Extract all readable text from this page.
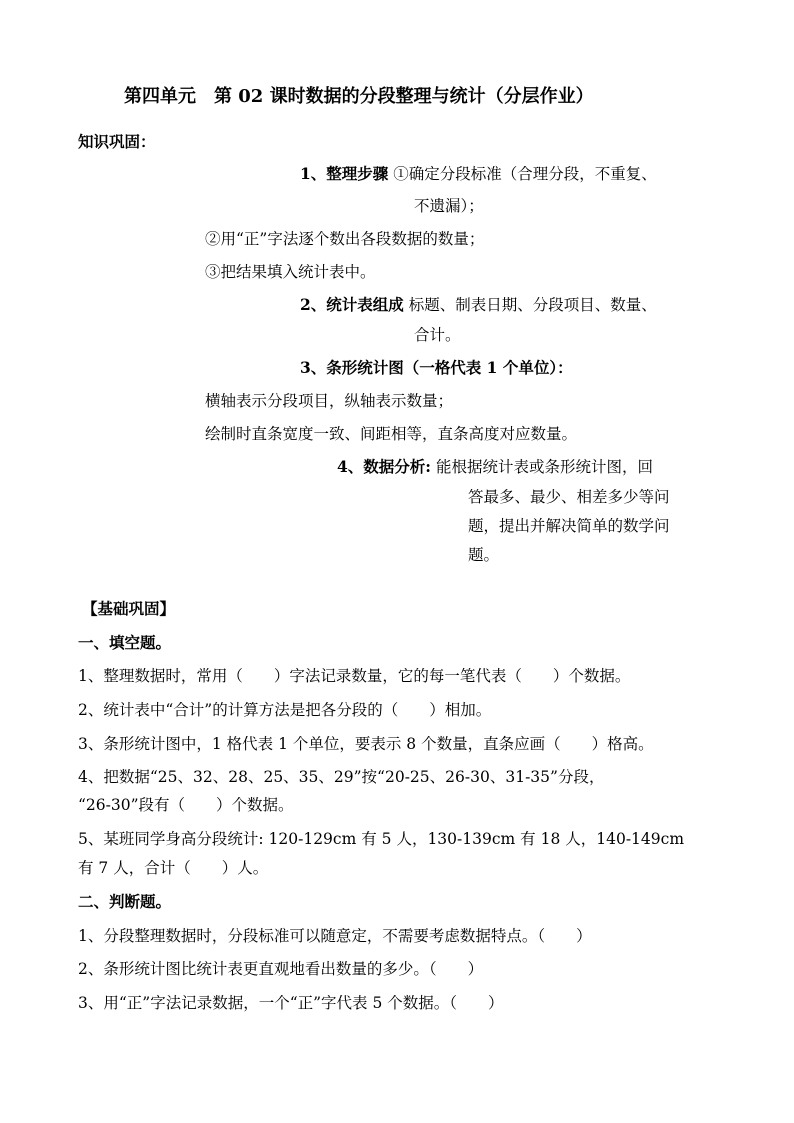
第四单元　第 02 课时数据的分段整理与统计（分层作业）
知识巩固：
1、整理步骤 ①确定分段标准（合理分段，不重复、
不遗漏）；
②用“正”字法逐个数出各段数据的数量；
③把结果填入统计表中。
2、统计表组成 标题、制表日期、分段项目、数量、
合计。
3、条形统计图（一格代表 1 个单位）：
横轴表示分段项目，纵轴表示数量；
绘制时直条宽度一致、间距相等，直条高度对应数量。
4、数据分析: 能根据统计表或条形统计图，回
答最多、最少、相差多少等问
题，提出并解决简单的数学问
题。
【基础巩固】
一、填空题。
1、整理数据时，常用（　　）字法记录数量，它的每一笔代表（　　）个数据。
2、统计表中“合计”的计算方法是把各分段的（　　）相加。
3、条形统计图中，1 格代表 1 个单位，要表示 8 个数量，直条应画（　　）格高。
4、把数据“25、32、28、25、35、29”按“20-25、26-30、31-35”分段，
“26-30”段有（　　）个数据。
5、某班同学身高分段统计: 120-129cm 有 5 人，130-139cm 有 18 人，140-149cm
有 7 人，合计（　　）人。
二、判断题。
1、分段整理数据时，分段标准可以随意定，不需要考虑数据特点。（　　）
2、条形统计图比统计表更直观地看出数量的多少。（　　）
3、用“正”字法记录数据，一个“正”字代表 5 个数据。（　　）
